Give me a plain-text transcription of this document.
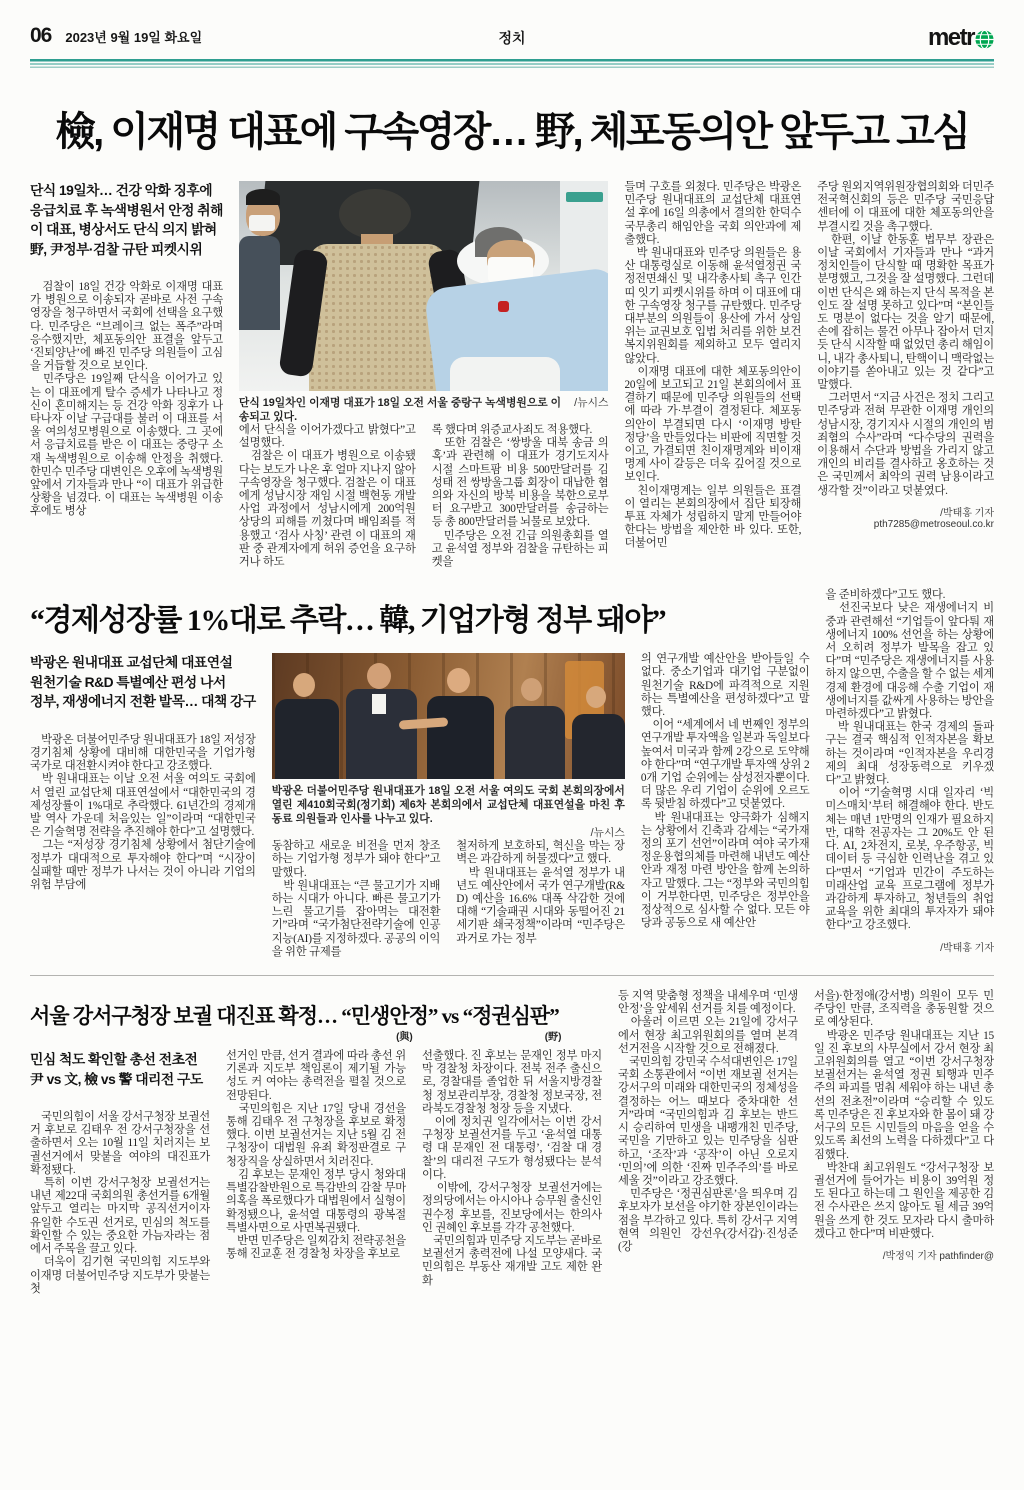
06 2023년 9월 19일 화요일	정치	metr
檢, 이재명 대표에 구속영장… 野, 체포동의안 앞두고 고심
단식 19일차… 건강 악화 징후에
응급치료 후 녹색병원서 안정 취해
이 대표, 병상서도 단식 의지 밝혀
野, 尹정부·검찰 규탄 피켓시위

　검찰이 18일 건강 악화로 이재명 대표가 병원으로 이송되자 곧바로 사전 구속영장을 청구하면서 국회에 선택을 요구했다. 민주당은 “브레이크 없는 폭주”라며 응수했지만, 체포동의안 표결을 앞두고 ‘진퇴양난’에 빠진 민주당 의원들이 고심을 거듭할 것으로 보인다.

　민주당은 19일째 단식을 이어가고 있는 이 대표에게 탈수 증세가 나타나고 정신이 혼미해지는 등 건강 악화 징후가 나타나자 이날 구급대를 불러 이 대표를 서울 여의성모병원으로 이송했다. 그 곳에서 응급치료를 받은 이 대표는 중랑구 소재 녹색병원으로 이송해 안정을 취했다. 한민수 민주당 대변인은 오후에 녹색병원 앞에서 기자들과 만나 “이 대표가 위급한 상황을 넘겼다. 이 대표는 녹색병원 이송 후에도 병상

단식 19일차인 이재명 대표가 18일 오전 서울 중랑구 녹색병원으로 이송되고 있다.
/뉴시스

에서 단식을 이어가겠다고 밝혔다”고 설명했다.

　검찰은 이 대표가 병원으로 이송됐다는 보도가 나온 후 얼마 지나지 않아 구속영장을 청구했다. 검찰은 이 대표에게 성남시장 재임 시절 백현동 개발 사업 과정에서 성남시에게 200억원 상당의 피해를 끼쳤다며 배임죄를 적용했고 ‘검사 사칭’ 관련 이 대표의 재판 중 관계자에게 허위 증언을 요구하거나 하도

록 했다며 위증교사죄도 적용했다.

　또한 검찰은 ‘쌍방울 대북 송금 의혹’과 관련해 이 대표가 경기도지사 시절 스마트팜 비용 500만달러를 김성태 전 쌍방울그룹 회장이 대납한 혐의와 자신의 방북 비용을 북한으로부터 요구받고 300만달러를 송금하는 등 총 800만달러를 뇌물로 보았다.

　민주당은 오전 긴급 의원총회를 열고 윤석열 정부와 검찰을 규탄하는 피켓을

들며 구호를 외쳤다. 민주당은 박광온 민주당 원내대표의 교섭단체 대표연설 후에 16일 의총에서 결의한 한덕수 국무총리 해임안을 국회 의안과에 제출했다.

　박 원내대표와 민주당 의원들은 용산 대통령실로 이동해 윤석열정권 국정전면쇄신 및 내각총사퇴 촉구 인간띠 잇기 피켓시위를 하며 이 대표에 대한 구속영장 청구를 규탄했다. 민주당 대부분의 의원들이 용산에 가서 상임위는 교권보호 입법 처리를 위한 보건복지위원회를 제외하고 모두 열리지 않았다.

　이재명 대표에 대한 체포동의안이 20일에 보고되고 21일 본회의에서 표결하기 때문에 민주당 의원들의 선택에 따라 가·부결이 결정된다. 체포동의안이 부결되면 다시 ‘이재명 방탄 정당’을 만들었다는 비판에 직면할 것이고, 가결되면 친이재명계와 비이재명계 사이 갈등은 더욱 깊어질 것으로 보인다.

　친이재명계는 일부 의원들은 표결이 열리는 본회의장에서 집단 퇴장해 투표 자체가 성립하지 말게 만들어야 한다는 방법을 제안한 바 있다. 또한, 더불어민

주당 원외지역위원장협의회와 더민주전국혁신회의 등은 민주당 국민응답센터에 이 대표에 대한 체포동의안을 부결시킬 것을 촉구했다.

　한편, 이날 한동훈 법무부 장관은 이날 국회에서 기자들과 만나 “과거 정치인들이 단식할 때 명확한 목표가 분명했고, 그것을 잘 설명했다. 그런데 이번 단식은 왜 하는지 단식 목적을 본인도 잘 설명 못하고 있다”며 “본인들도 명분이 없다는 것을 알기 때문에, 손에 잡히는 물건 아무나 잡아서 던지듯 단식 시작할 때 없었던 총리 해임이니, 내각 총사퇴니, 탄핵이니 맥락없는 이야기를 쏟아내고 있는 것 같다”고 말했다.

　그러면서 “지금 사건은 정치 그리고 민주당과 전혀 무관한 이재명 개인의 성남시장, 경기지사 시절의 개인의 범죄혐의 수사”라며 “다수당의 권력을 이용해서 수단과 방법을 가리지 않고 개인의 비리를 결사하고 옹호하는 것은 국민께서 최악의 권력 남용이라고 생각할 것”이라고 덧붙였다.

/박태홍 기자 pth7285@metroseoul.co.kr
“경제성장률 1%대로 추락… 韓, 기업가형 정부 돼야”
박광온 원내대표 교섭단체 대표연설
원천기술 R&D 특별예산 편성 나서
정부, 재생에너지 전환 발목… 대책 강구

　박광온 더불어민주당 원내대표가 18일 저성장 경기침체 상황에 대비해 대한민국을 기업가형 국가로 대전환시켜야 한다고 강조했다.

　박 원내대표는 이날 오전 서울 여의도 국회에서 열린 교섭단체 대표연설에서 “대한민국의 경제성장률이 1%대로 추락했다. 61년간의 경제개발 역사 가운데 처음있는 일”이라며 “대한민국은 기술혁명 전략을 추진해야 한다”고 설명했다.

　그는 “저성장 경기침체 상황에서 첨단기술에 정부가 대대적으로 투자해야 한다”며 “시장이 실패할 때만 정부가 나서는 것이 아니라 기업의 위험 부담에

박광온 더불어민주당 원내대표가 18일 오전 서울 여의도 국회 본회의장에서 열린 제410회국회(정기회) 제6차 본회의에서 교섭단체 대표연설을 마친 후 동료 의원들과 인사를 나누고 있다.
/뉴시스

동참하고 새로운 비전을 먼저 창조하는 기업가형 정부가 돼야 한다”고 말했다.

　박 원내대표는 “큰 물고기가 지배하는 시대가 아니다. 빠른 물고기가 느린 물고기를 잡아먹는 대전환기”라며 “국가첨단전략기술에 인공지능(AI)를 지정하겠다. 공공의 이익을 위한 규제를

철저하게 보호하되, 혁신을 막는 장벽은 과감하게 허물겠다”고 했다.

　박 원내대표는 윤석열 정부가 내년도 예산안에서 국가 연구개발(R&D) 예산을 16.6% 대폭 삭감한 것에 대해 “기술패권 시대와 동떨어진 21세기판 쇄국정책”이라며 “민주당은 과거로 가는 정부

의 연구개발 예산안을 받아들일 수 없다. 중소기업과 대기업 구분없이 원천기술 R&D에 파격적으로 지원하는 특별예산을 편성하겠다”고 말했다.

　이어 “세계에서 네 번째인 정부의 연구개발 투자액을 일본과 독일보다 높여서 미국과 함께 2강으로 도약해야 한다”며 “연구개발 투자액 상위 20개 기업 순위에는 삼성전자뿐이다. 더 많은 우리 기업이 순위에 오르도록 뒷받침 하겠다”고 덧붙였다.

　박 원내대표는 양극화가 심해지는 상황에서 긴축과 감세는 “국가재정의 포기 선언”이라며 여야 국가재정운용협의체를 마련해 내년도 예산안과 재정 마련 방안을 함께 논의하자고 말했다. 그는 “정부와 국민의힘이 거부한다면, 민주당은 정부안을 정상적으로 심사할 수 없다. 모든 야당과 공동으로 새 예산안

을 준비하겠다”고도 했다.

　선진국보다 낮은 재생에너지 비중과 관련해선 “기업들이 앞다퉈 재생에너지 100% 선언을 하는 상황에서 오히려 정부가 발목을 잡고 있다”며 “민주당은 재생에너지를 사용하지 않으면, 수출을 할 수 없는 세계 경제 환경에 대응해 수출 기업이 재생에너지를 값싸게 사용하는 방안을 마련하겠다”고 밝혔다.

　박 원내대표는 한국 경제의 돌파구는 결국 핵심적 인적자본을 확보하는 것이라며 “인적자본을 우리경제의 최대 성장동력으로 키우겠다”고 밝혔다.

　이어 “기술혁명 시대 일자리 ‘빅 미스매치’부터 해결해야 한다. 반도체는 매년 1만명의 인재가 필요하지만, 대학 전공자는 그 20%도 안 된다. AI, 2차전지, 로봇, 우주항공, 빅데이터 등 극심한 인력난을 겪고 있다”면서 “기업과 민간이 주도하는 미래산업 교육 프로그램에 정부가 과감하게 투자하고, 청년들의 취업 교육을 위한 최대의 투자자가 돼야 한다”고 강조했다.

/박태홍 기자
서울 강서구청장 보궐 대진표 확정… “민생안정” vs “정권심판”
(與)	(野)
민심 척도 확인할 총선 전초전
尹 vs 文, 檢 vs 警 대리전 구도

　국민의힘이 서울 강서구청장 보궐선거 후보로 김태우 전 강서구청장을 선출하면서 오는 10월 11일 치러지는 보궐선거에서 맞붙을 여야의 대진표가 확정됐다.

　특히 이번 강서구청장 보궐선거는 내년 제22대 국회의원 총선거를 6개월 앞두고 열리는 마지막 공직선거이자 유일한 수도권 선거로, 민심의 척도를 확인할 수 있는 중요한 가늠자라는 점에서 주목을 끌고 있다.

　더욱이 김기현 국민의힘 지도부와 이재명 더불어민주당 지도부가 맞붙는 첫

선거인 만큼, 선거 결과에 따라 총선 위기론과 지도부 책임론이 제기될 가능성도 커 여야는 총력전을 펼칠 것으로 전망된다.

　국민의힘은 지난 17일 당내 경선을 통해 김태우 전 구청장을 후보로 확정했다. 이번 보궐선거는 지난 5월 김 전 구청장이 대법원 유죄 확정판결로 구청장직을 상실하면서 치러진다.

　김 후보는 문재인 정부 당시 청와대 특별감찰반원으로 특감반의 감찰 무마 의혹을 폭로했다가 대법원에서 실형이 확정됐으나, 윤석열 대통령의 광복절 특별사면으로 사면복권됐다.

　반면 민주당은 일찌감치 전략공천을 통해 진교훈 전 경찰청 차장을 후보로

선출했다. 진 후보는 문재인 정부 마지막 경찰청 차장이다. 전북 전주 출신으로, 경찰대를 졸업한 뒤 서울지방경찰청 정보관리부장, 경찰청 정보국장, 전라북도경찰청 청장 등을 지냈다.

　이에 정치권 일각에서는 이번 강서구청장 보궐선거를 두고 ‘윤석열 대통령 대 문재인 전 대통령’, ‘검찰 대 경찰’의 대리전 구도가 형성됐다는 분석이다.

　이밖에, 강서구청장 보궐선거에는 정의당에서는 아시아나 승무원 출신인 권수정 후보를, 진보당에서는 한의사인 권혜인 후보를 각각 공천했다.

　국민의힘과 민주당 지도부는 곧바로 보궐선거 총력전에 나설 모양새다. 국민의힘은 부동산 재개발 고도 제한 완화

등 지역 맞춤형 정책을 내세우며 ‘민생안정’을 앞세워 선거를 치를 예정이다.

　아울러 이르면 오는 21일에 강서구에서 현장 최고위원회의를 열며 본격 선거전을 시작할 것으로 전해졌다.

　국민의힘 강민국 수석대변인은 17일 국회 소통관에서 “이번 재보궐 선거는 강서구의 미래와 대한민국의 정체성을 결정하는 어느 때보다 중차대한 선거”라며 “국민의힘과 김 후보는 반드시 승리하여 민생을 내팽개친 민주당, 국민을 기만하고 있는 민주당을 심판하고, ‘조작’과 ‘공작’이 아닌 오로지 ‘민의’에 의한 ‘진짜 민주주의’를 바로 세울 것”이라고 강조했다.

　민주당은 ‘정권심판론’을 띄우며 김 후보자가 보선을 야기한 장본인이라는 점을 부각하고 있다. 특히 강서구 지역 현역 의원인 강선우(강서갑)·진성준(강

서을)·한정애(강서병) 의원이 모두 민주당인 만큼, 조직력을 총동원할 것으로 예상된다.

　박광온 민주당 원내대표는 지난 15일 진 후보의 사무실에서 강서 현장 최고위원회의를 열고 “이번 강서구청장 보궐선거는 윤석열 정권 퇴행과 민주주의 파괴를 멈춰 세워야 하는 내년 총선의 전초전”이라며 “승리할 수 있도록 민주당은 진 후보자와 한 몸이 돼 강서구의 모든 시민들의 마음을 얻을 수 있도록 최선의 노력을 다하겠다”고 다짐했다.

　박찬대 최고위원도 “강서구청장 보궐선거에 들어가는 비용이 39억원 정도 된다고 하는데 그 원인을 제공한 김 전 수사관은 쓰지 않아도 될 세금 39억원을 쓰게 한 것도 모자라 다시 출마하겠다고 한다”며 비판했다.

/박정익 기자 pathfinder@
